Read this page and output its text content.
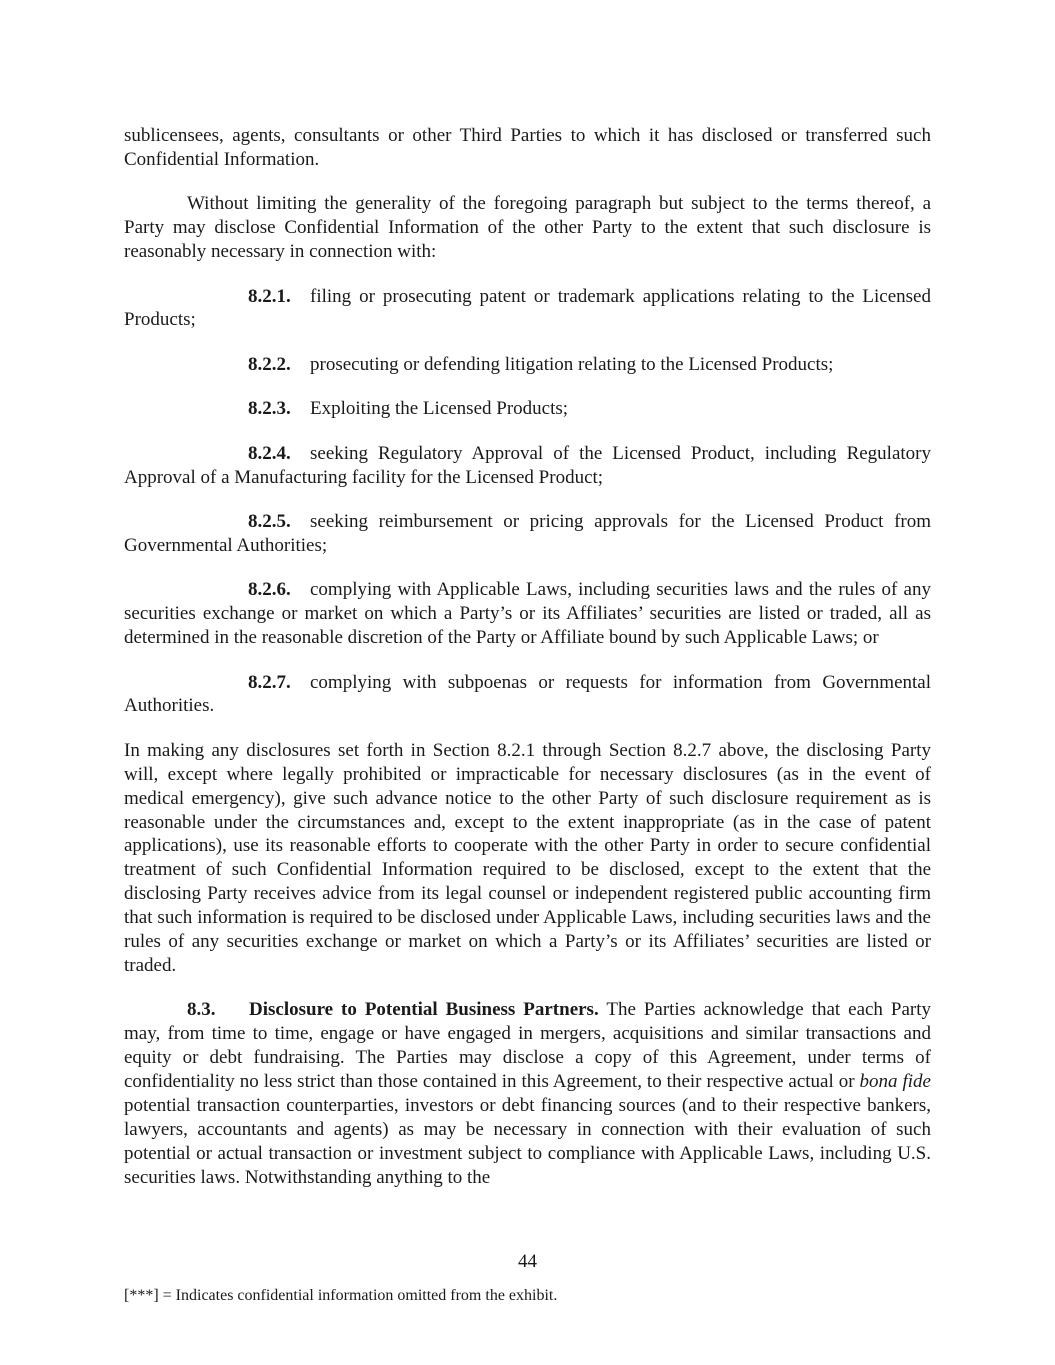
sublicensees, agents, consultants or other Third Parties to which it has disclosed or transferred such Confidential Information.

Without limiting the generality of the foregoing paragraph but subject to the terms thereof, a Party may disclose Confidential Information of the other Party to the extent that such disclosure is reasonably necessary in connection with:

8.2.1. filing or prosecuting patent or trademark applications relating to the Licensed Products;

8.2.2. prosecuting or defending litigation relating to the Licensed Products;

8.2.3. Exploiting the Licensed Products;

8.2.4. seeking Regulatory Approval of the Licensed Product, including Regulatory Approval of a Manufacturing facility for the Licensed Product;

8.2.5. seeking reimbursement or pricing approvals for the Licensed Product from Governmental Authorities;

8.2.6. complying with Applicable Laws, including securities laws and the rules of any securities exchange or market on which a Party’s or its Affiliates’ securities are listed or traded, all as determined in the reasonable discretion of the Party or Affiliate bound by such Applicable Laws; or

8.2.7. complying with subpoenas or requests for information from Governmental Authorities.

In making any disclosures set forth in Section 8.2.1 through Section 8.2.7 above, the disclosing Party will, except where legally prohibited or impracticable for necessary disclosures (as in the event of medical emergency), give such advance notice to the other Party of such disclosure requirement as is reasonable under the circumstances and, except to the extent inappropriate (as in the case of patent applications), use its reasonable efforts to cooperate with the other Party in order to secure confidential treatment of such Confidential Information required to be disclosed, except to the extent that the disclosing Party receives advice from its legal counsel or independent registered public accounting firm that such information is required to be disclosed under Applicable Laws, including securities laws and the rules of any securities exchange or market on which a Party’s or its Affiliates’ securities are listed or traded.

8.3. Disclosure to Potential Business Partners. The Parties acknowledge that each Party may, from time to time, engage or have engaged in mergers, acquisitions and similar transactions and equity or debt fundraising. The Parties may disclose a copy of this Agreement, under terms of confidentiality no less strict than those contained in this Agreement, to their respective actual or bona fide potential transaction counterparties, investors or debt financing sources (and to their respective bankers, lawyers, accountants and agents) as may be necessary in connection with their evaluation of such potential or actual transaction or investment subject to compliance with Applicable Laws, including U.S. securities laws. Notwithstanding anything to the

44
[***] = Indicates confidential information omitted from the exhibit.
